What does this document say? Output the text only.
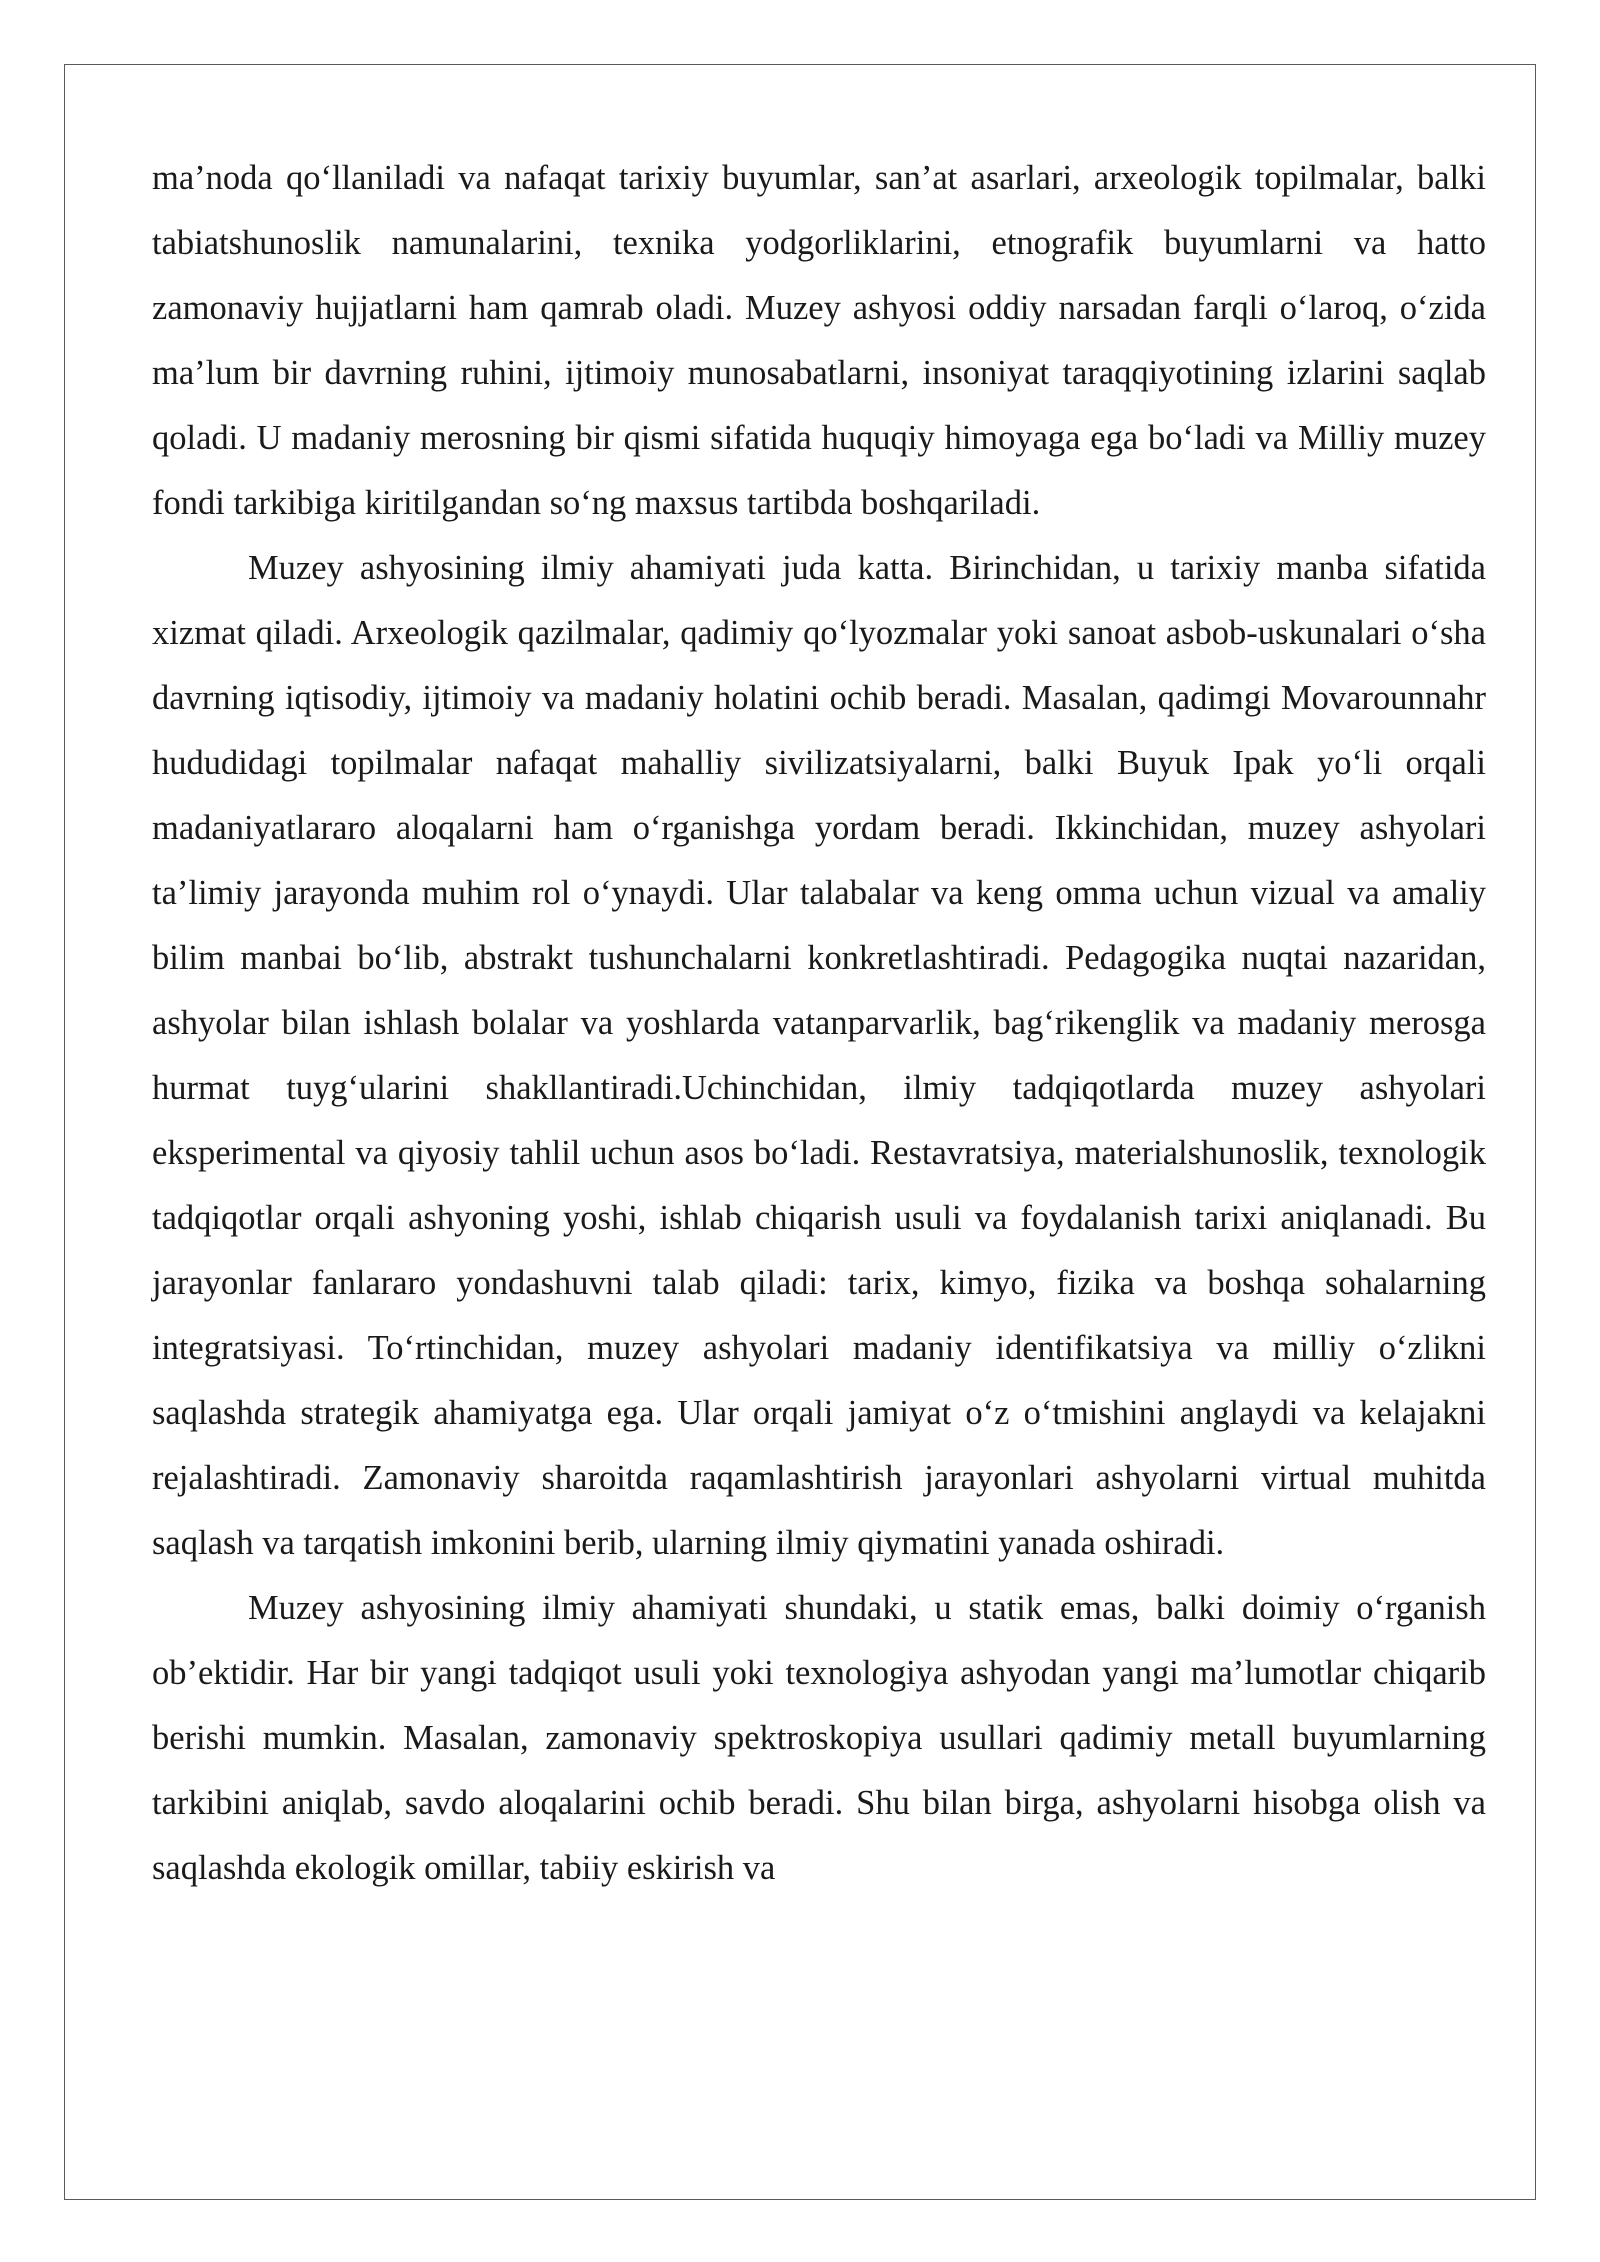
ma’noda qo‘llaniladi va nafaqat tarixiy buyumlar, san’at asarlari, arxeologik topilmalar, balki tabiatshunoslik namunalarini, texnika yodgorliklarini, etnografik buyumlarni va hatto zamonaviy hujjatlarni ham qamrab oladi. Muzey ashyosi oddiy narsadan farqli o‘laroq, o‘zida ma’lum bir davrning ruhini, ijtimoiy munosabatlarni, insoniyat taraqqiyotining izlarini saqlab qoladi. U madaniy merosning bir qismi sifatida huquqiy himoyaga ega bo‘ladi va Milliy muzey fondi tarkibiga kiritilgandan so‘ng maxsus tartibda boshqariladi.

Muzey ashyosining ilmiy ahamiyati juda katta. Birinchidan, u tarixiy manba sifatida xizmat qiladi. Arxeologik qazilmalar, qadimiy qo‘lyozmalar yoki sanoat asbob-uskunalari o‘sha davrning iqtisodiy, ijtimoiy va madaniy holatini ochib beradi. Masalan, qadimgi Movarounnahr hududidagi topilmalar nafaqat mahalliy sivilizatsiyalarni, balki Buyuk Ipak yo‘li orqali madaniyatlararo aloqalarni ham o‘rganishga yordam beradi. Ikkinchidan, muzey ashyolari ta’limiy jarayonda muhim rol o‘ynaydi. Ular talabalar va keng omma uchun vizual va amaliy bilim manbai bo‘lib, abstrakt tushunchalarni konkretlashtiradi. Pedagogika nuqtai nazaridan, ashyolar bilan ishlash bolalar va yoshlarda vatanparvarlik, bag‘rikenglik va madaniy merosga hurmat tuyg‘ularini shakllantiradi.Uchinchidan, ilmiy tadqiqotlarda muzey ashyolari eksperimental va qiyosiy tahlil uchun asos bo‘ladi. Restavratsiya, materialshunoslik, texnologik tadqiqotlar orqali ashyoning yoshi, ishlab chiqarish usuli va foydalanish tarixi aniqlanadi. Bu jarayonlar fanlararo yondashuvni talab qiladi: tarix, kimyo, fizika va boshqa sohalarning integratsiyasi. To‘rtinchidan, muzey ashyolari madaniy identifikatsiya va milliy o‘zlikni saqlashda strategik ahamiyatga ega. Ular orqali jamiyat o‘z o‘tmishini anglaydi va kelajakni rejalashtiradi. Zamonaviy sharoitda raqamlashtirish jarayonlari ashyolarni virtual muhitda saqlash va tarqatish imkonini berib, ularning ilmiy qiymatini yanada oshiradi.

Muzey ashyosining ilmiy ahamiyati shundaki, u statik emas, balki doimiy o‘rganish ob’ektidir. Har bir yangi tadqiqot usuli yoki texnologiya ashyodan yangi ma’lumotlar chiqarib berishi mumkin. Masalan, zamonaviy spektroskopiya usullari qadimiy metall buyumlarning tarkibini aniqlab, savdo aloqalarini ochib beradi. Shu bilan birga, ashyolarni hisobga olish va saqlashda ekologik omillar, tabiiy eskirish va
